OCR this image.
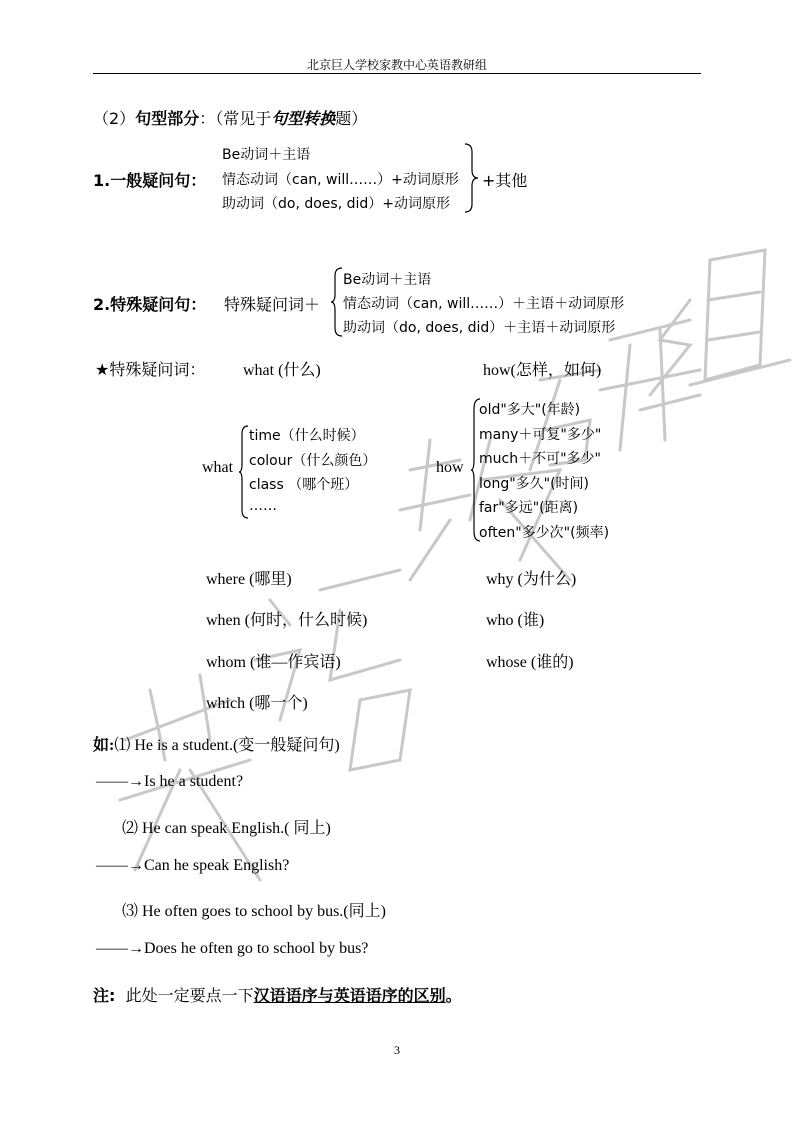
北京巨人学校家教中心英语教研组
（2）句型部分：（常见于句型转换题）
1.一般疑问句：
Be动词＋主语
情态动词（can, will……）+动词原形
助动词（do, does, did）+动词原形
+其他
2.特殊疑问句： 特殊疑问词＋
Be动词＋主语
情态动词（can, will……）＋主语＋动词原形
助动词（do, does, did）＋主语＋动词原形
★特殊疑问词： what (什么)	how(怎样，如何)
what
time（什么时候）
colour（什么颜色）
class （哪个班）
……
how
old"多大"(年龄)
many＋可复"多少"
much＋不可"多少"
long"多久"(时间)
far"多远"(距离)
often"多少次"(频率)
where (哪里)
when (何时，什么时候)
whom (谁—作宾语)
which (哪一个)
why (为什么)
who (谁)
whose (谁的)
如:⑴ He is a student.(变一般疑问句)
——→Is he a student?
⑵ He can speak English.( 同上)
——→Can he speak English?
⑶ He often goes to school by bus.(同上)
——→Does he often go to school by bus?
注: 此处一定要点一下汉语语序与英语语序的区别。
3
